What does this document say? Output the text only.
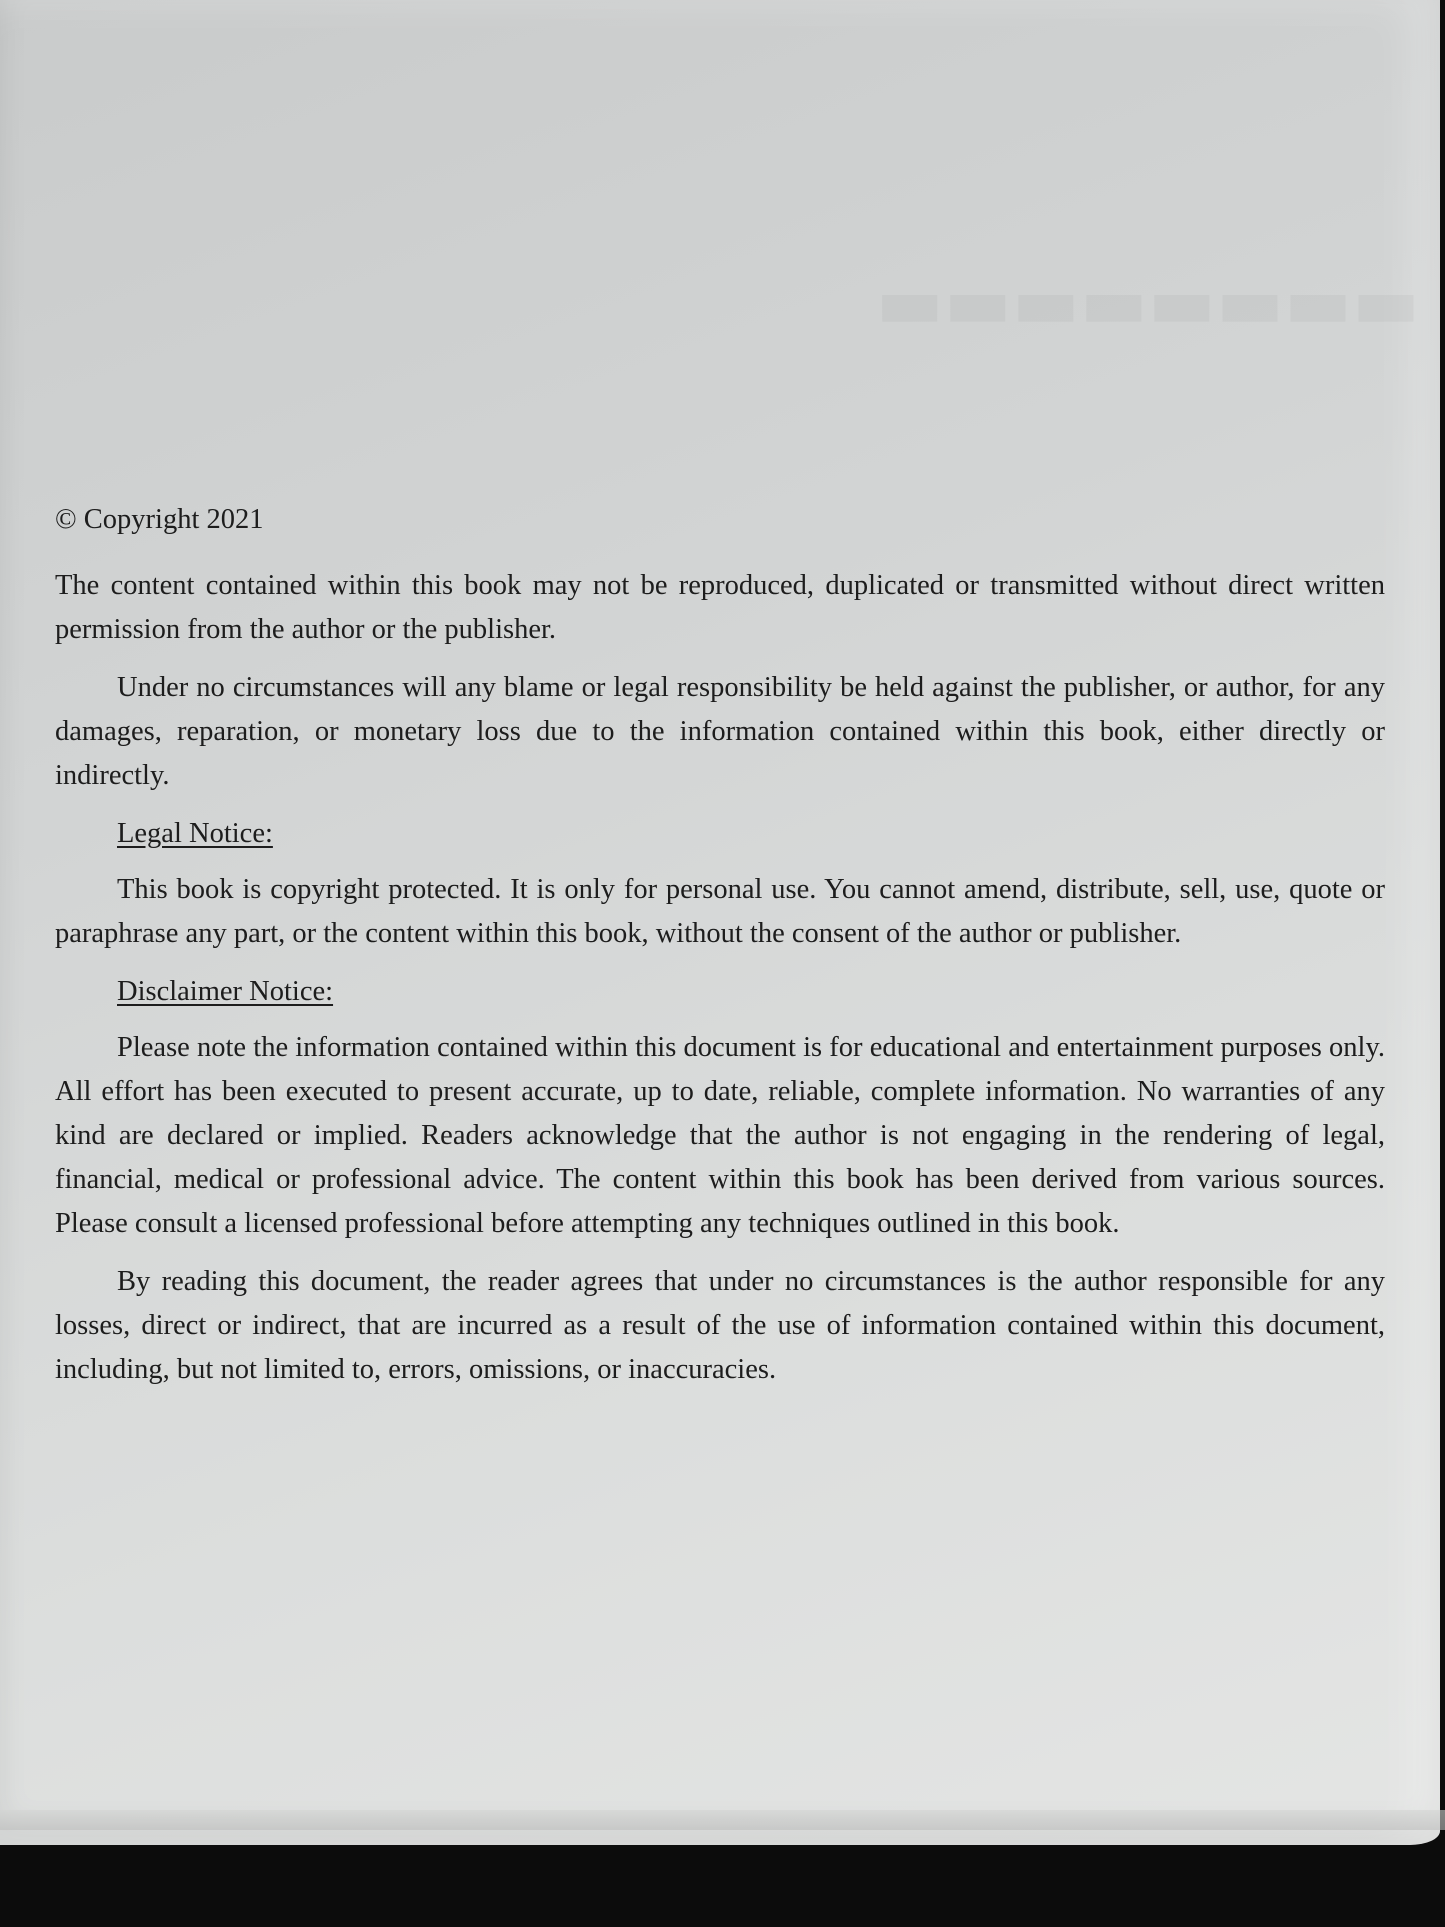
▬▬▬▬▬▬▬▬
© Copyright 2021

The content contained within this book may not be reproduced, duplicated or transmitted without direct written permission from the author or the publisher.

Under no circumstances will any blame or legal responsibility be held against the publisher, or author, for any damages, reparation, or monetary loss due to the information contained within this book, either directly or indirectly.

Legal Notice:

This book is copyright protected. It is only for personal use. You cannot amend, distribute, sell, use, quote or paraphrase any part, or the content within this book, without the consent of the author or publisher.

Disclaimer Notice:

Please note the information contained within this document is for educational and entertainment purposes only. All effort has been executed to present accurate, up to date, reliable, complete information. No warranties of any kind are declared or implied. Readers acknowledge that the author is not engaging in the rendering of legal, financial, medical or professional advice. The content within this book has been derived from various sources. Please consult a licensed professional before attempting any techniques outlined in this book.

By reading this document, the reader agrees that under no circumstances is the author responsible for any losses, direct or indirect, that are incurred as a result of the use of information contained within this document, including, but not limited to, errors, omissions, or inaccuracies.
